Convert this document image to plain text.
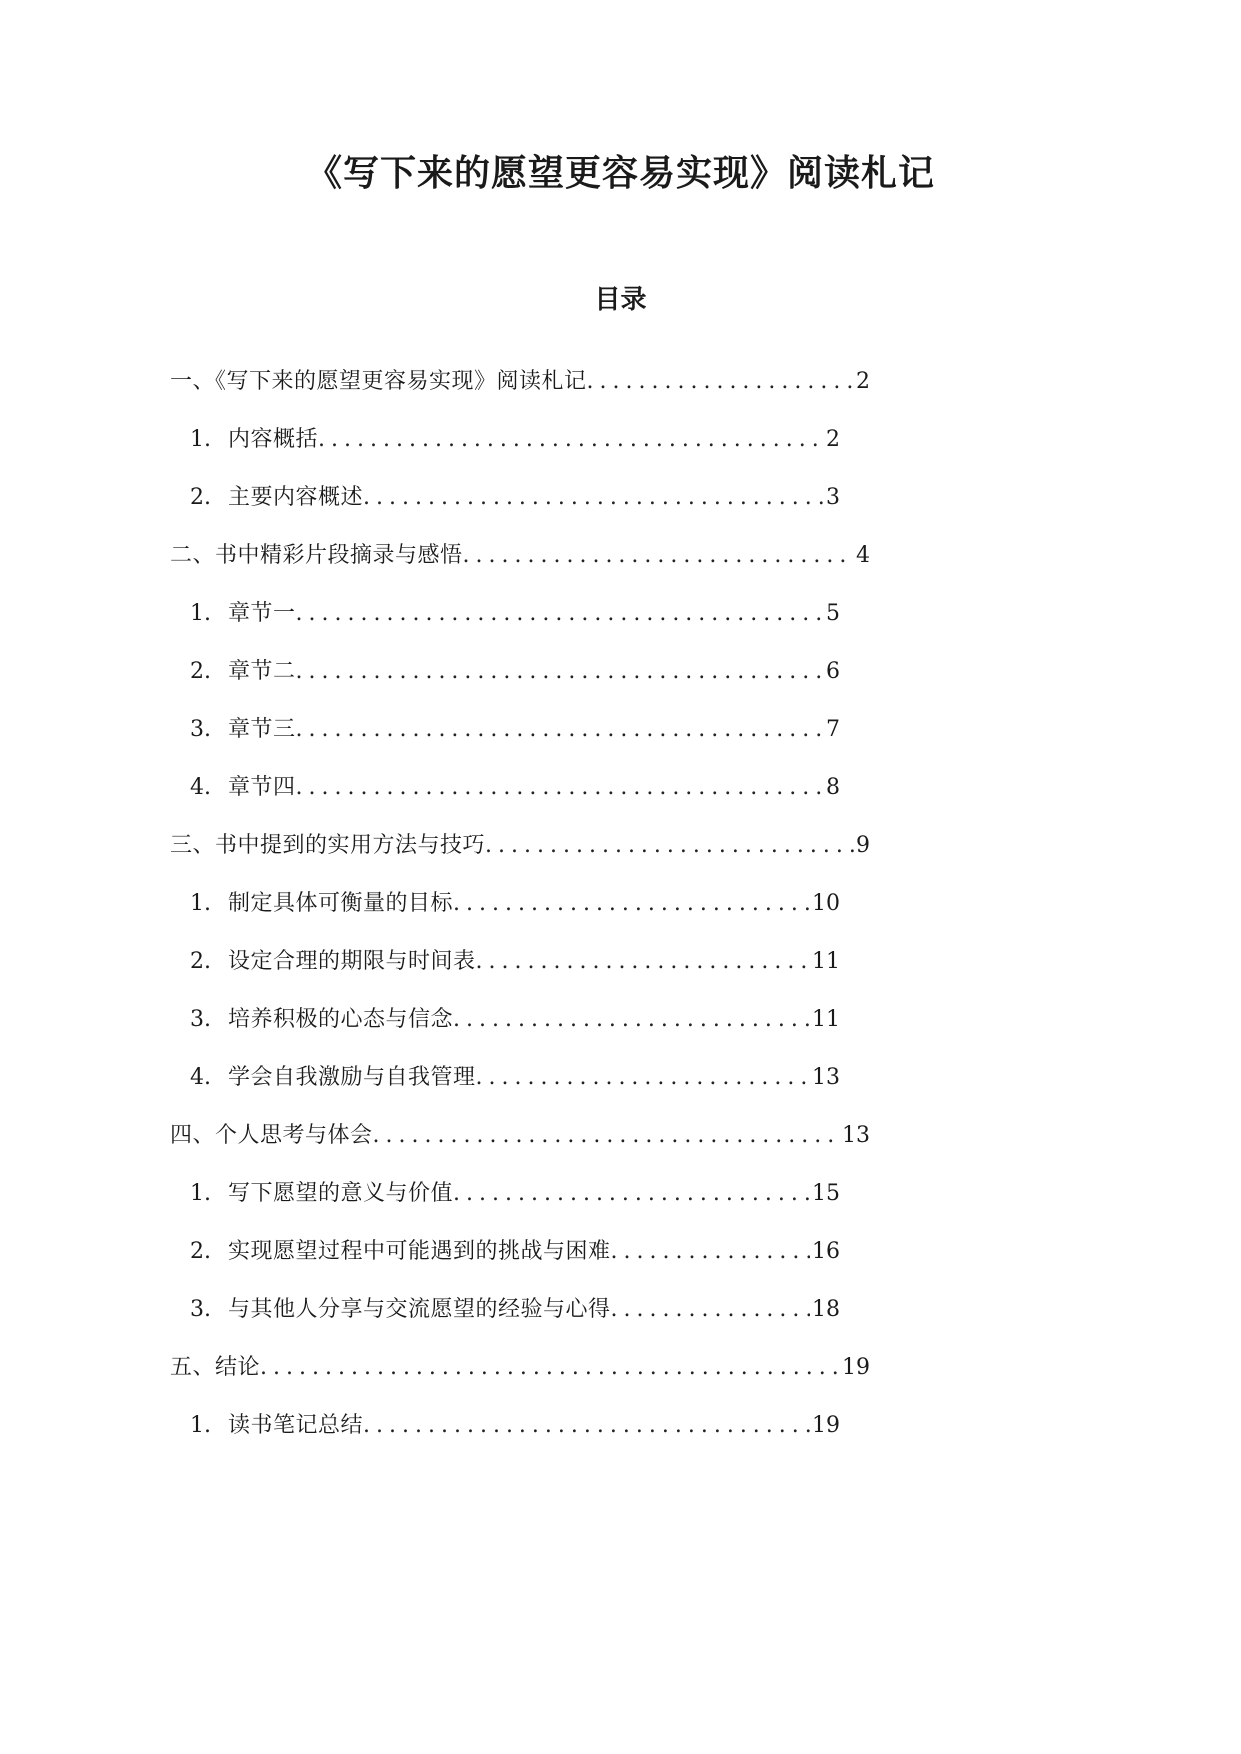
《写下来的愿望更容易实现》阅读札记
目录
一、《写下来的愿望更容易实现》阅读札记 .....	2
1. 内容概括 .....	2
2. 主要内容概述 .....	3
二、书中精彩片段摘录与感悟 .....	4
1. 章节一 .....	5
2. 章节二 .....	6
3. 章节三 .....	7
4. 章节四 .....	8
三、书中提到的实用方法与技巧 .....	9
1. 制定具体可衡量的目标 .....	10
2. 设定合理的期限与时间表 .....	11
3. 培养积极的心态与信念 .....	11
4. 学会自我激励与自我管理 .....	13
四、个人思考与体会 .....	13
1. 写下愿望的意义与价值 .....	15
2. 实现愿望过程中可能遇到的挑战与困难 .....	16
3. 与其他人分享与交流愿望的经验与心得 .....	18
五、结论 .....	19
1. 读书笔记总结 .....	19
